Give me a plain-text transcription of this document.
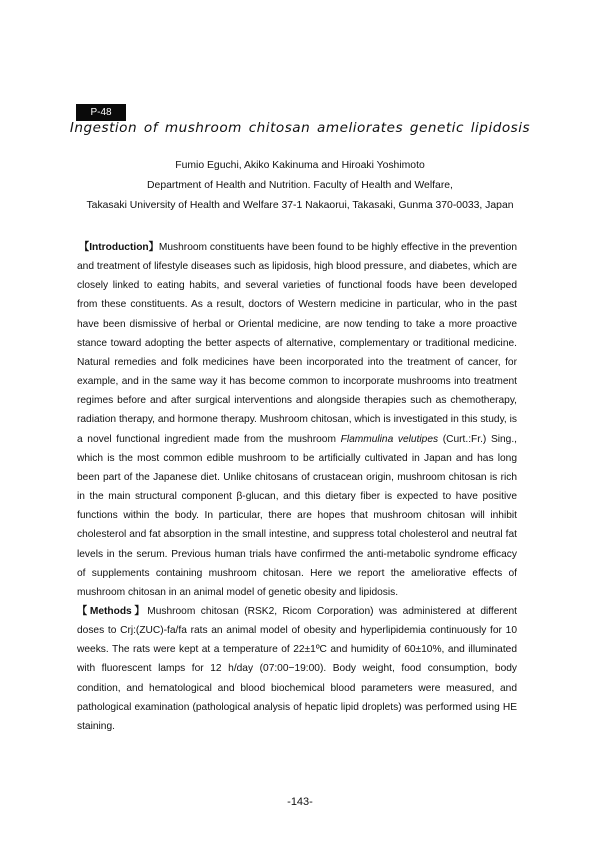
P-48
Ingestion of mushroom chitosan ameliorates genetic lipidosis
Fumio Eguchi, Akiko Kakinuma and Hiroaki Yoshimoto
Department of Health and Nutrition. Faculty of Health and Welfare,
Takasaki University of Health and Welfare 37-1 Nakaorui, Takasaki, Gunma 370-0033, Japan

【Introduction】Mushroom constituents have been found to be highly effective in the prevention and treatment of lifestyle diseases such as lipidosis, high blood pressure, and diabetes, which are closely linked to eating habits, and several varieties of functional foods have been developed from these constituents. As a result, doctors of Western medicine in particular, who in the past have been dismissive of herbal or Oriental medicine, are now tending to take a more proactive stance toward adopting the better aspects of alternative, complementary or traditional medicine. Natural remedies and folk medicines have been incorporated into the treatment of cancer, for example, and in the same way it has become common to incorporate mushrooms into treatment regimes before and after surgical interventions and alongside therapies such as chemotherapy, radiation therapy, and hormone therapy. Mushroom chitosan, which is investigated in this study, is a novel functional ingredient made from the mushroom Flammulina velutipes (Curt.:Fr.) Sing., which is the most common edible mushroom to be artificially cultivated in Japan and has long been part of the Japanese diet. Unlike chitosans of crustacean origin, mushroom chitosan is rich in the main structural component β-glucan, and this dietary fiber is expected to have positive functions within the body. In particular, there are hopes that mushroom chitosan will inhibit cholesterol and fat absorption in the small intestine, and suppress total cholesterol and neutral fat levels in the serum. Previous human trials have confirmed the anti-metabolic syndrome efficacy of supplements containing mushroom chitosan. Here we report the ameliorative effects of mushroom chitosan in an animal model of genetic obesity and lipidosis.

【Methods】Mushroom chitosan (RSK2, Ricom Corporation) was administered at different doses to Crj:(ZUC)-fa/fa rats an animal model of obesity and hyperlipidemia continuously for 10 weeks. The rats were kept at a temperature of 22±1ºC and humidity of 60±10%, and illuminated with fluorescent lamps for 12 h/day (07:00−19:00). Body weight, food consumption, body condition, and hematological and blood biochemical blood parameters were measured, and pathological examination (pathological analysis of hepatic lipid droplets) was performed using HE staining.

-143-
